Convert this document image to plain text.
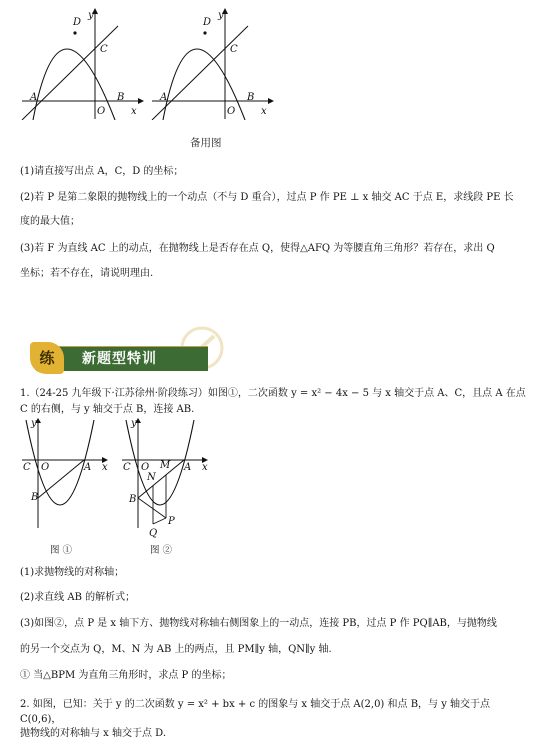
D
y
C
A	B
O	x
D
y
C
A	B
O	x
备用图
(1)请直接写出点 A，C，D 的坐标；
(2)若 P 是第二象限的抛物线上的一个动点（不与 D 重合），过点 P 作 PE ⊥ x 轴交 AC 于点 E，求线段 PE 长
度的最大值；
(3)若 F 为直线 AC 上的动点，在抛物线上是否存在点 Q，使得△AFQ 为等腰直角三角形？若存在，求出 Q
坐标；若不存在，请说明理由.
练	新题型特训
1.（24-25 九年级下·江苏徐州·阶段练习）如图①，二次函数 y = x² − 4x − 5 与 x 轴交于点 A、C，且点 A 在点
C 的右侧，与 y 轴交于点 B，连接 AB.
y
C O	A x
B
图 ①
y
C O M A x
N
B
P
Q
图 ②
(1)求抛物线的对称轴；
(2)求直线 AB 的解析式；
(3)如图②，点 P 是 x 轴下方、抛物线对称轴右侧图象上的一动点，连接 PB，过点 P 作 PQ∥AB，与抛物线
的另一个交点为 Q，M、N 为 AB 上的两点，且 PM∥y 轴，QN∥y 轴.
① 当△BPM 为直角三角形时，求点 P 的坐标；
2. 如图，已知：关于 y 的二次函数 y = x² + bx + c 的图象与 x 轴交于点 A(2,0) 和点 B，与 y 轴交于点 C(0,6)，
抛物线的对称轴与 x 轴交于点 D.
